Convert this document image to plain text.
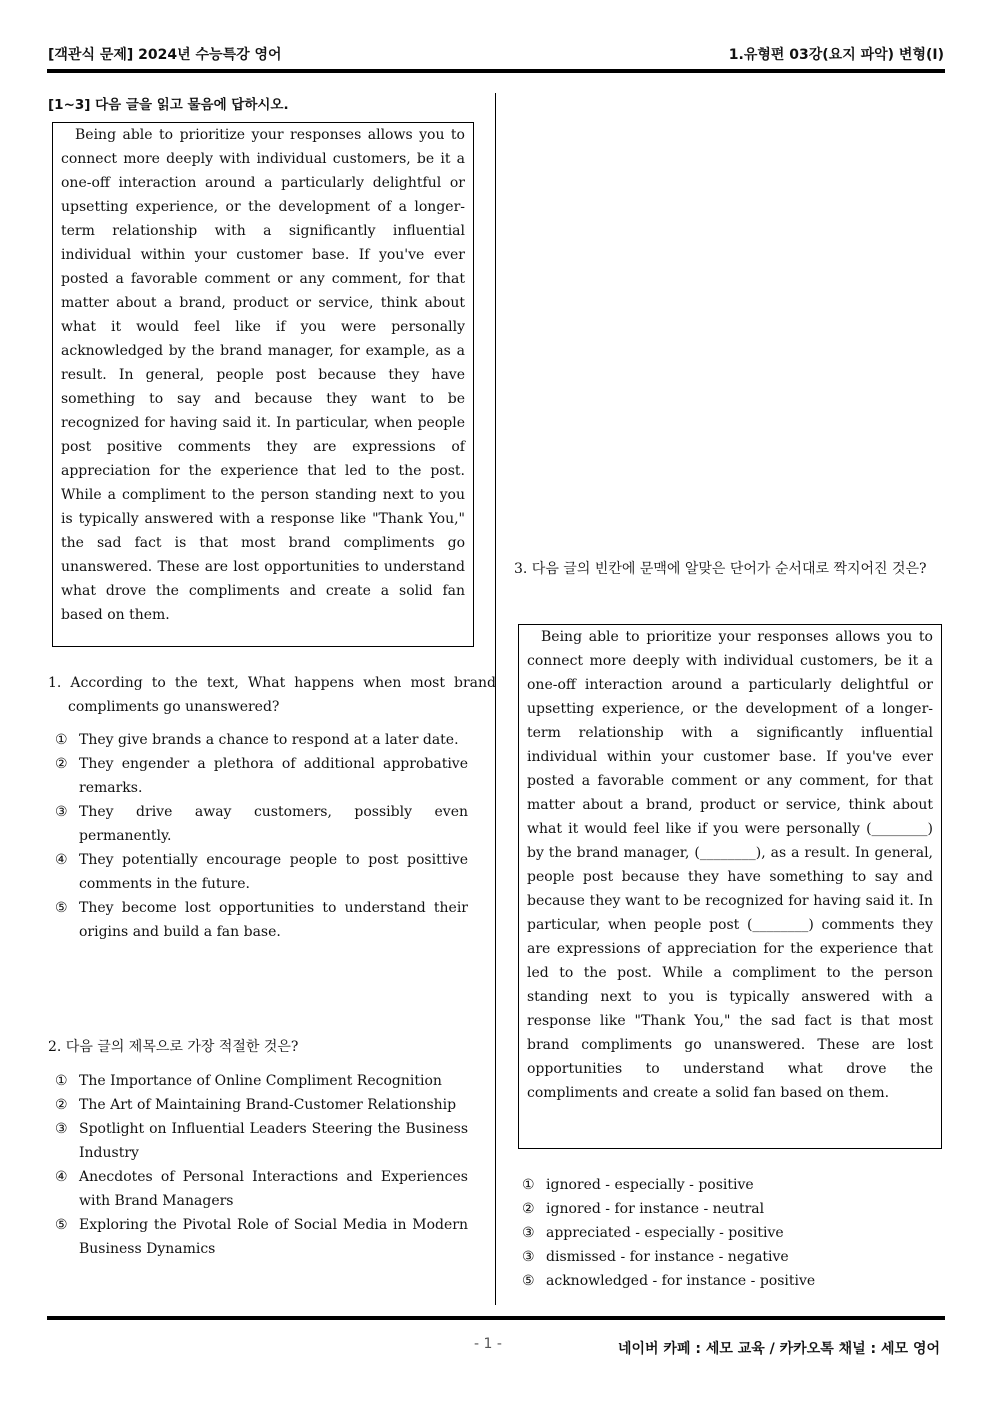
[객관식 문제] 2024년 수능특강 영어	1.유형편 03강(요지 파악) 변형(I)
[1~3] 다음 글을 읽고 물음에 답하시오.

Being able to prioritize your responses allows you to connect more deeply with individual customers, be it a one-off interaction around a particularly delightful or upsetting experience, or the development of a longer-term relationship with a significantly influential individual within your customer base. If you've ever posted a favorable comment or any comment, for that matter about a brand, product or service, think about what it would feel like if you were personally acknowledged by the brand manager, for example, as a result. In general, people post because they have something to say and because they want to be recognized for having said it. In particular, when people post positive comments they are expressions of appreciation for the experience that led to the post. While a compliment to the person standing next to you is typically answered with a response like "Thank You," the sad fact is that most brand compliments go unanswered. These are lost opportunities to understand what drove the compliments and create a solid fan based on them.

1. According to the text, What happens when most brand compliments go unanswered?
① They give brands a chance to respond at a later date.
② They engender a plethora of additional approbative remarks.
③ They drive away customers, possibly even permanently.
④ They potentially encourage people to post posittive comments in the future.
⑤ They become lost opportunities to understand their origins and build a fan base.
2. 다음 글의 제목으로 가장 적절한 것은?
① The Importance of Online Compliment Recognition
② The Art of Maintaining Brand-Customer Relationship
③ Spotlight on Influential Leaders Steering the Business Industry
④ Anecdotes of Personal Interactions and Experiences with Brand Managers
⑤ Exploring the Pivotal Role of Social Media in Modern Business Dynamics
3. 다음 글의 빈칸에 문맥에 알맞은 단어가 순서대로 짝지어진 것은?

Being able to prioritize your responses allows you to connect more deeply with individual customers, be it a one-off interaction around a particularly delightful or upsetting experience, or the development of a longer-term relationship with a significantly influential individual within your customer base. If you've ever posted a favorable comment or any comment, for that matter about a brand, product or service, think about what it would feel like if you were personally (________) by the brand manager, (________), as a result. In general, people post because they have something to say and because they want to be recognized for having said it. In particular, when people post (________) comments they are expressions of appreciation for the experience that led to the post. While a compliment to the person standing next to you is typically answered with a response like "Thank You," the sad fact is that most brand compliments go unanswered. These are lost opportunities to understand what drove the compliments and create a solid fan based on them.

① ignored - especially - positive
② ignored - for instance - neutral
③ appreciated - especially - positive
③ dismissed - for instance - negative
⑤ acknowledged - for instance - positive
- 1 -	네이버 카페 : 세모 교육 / 카카오톡 채널 : 세모 영어
